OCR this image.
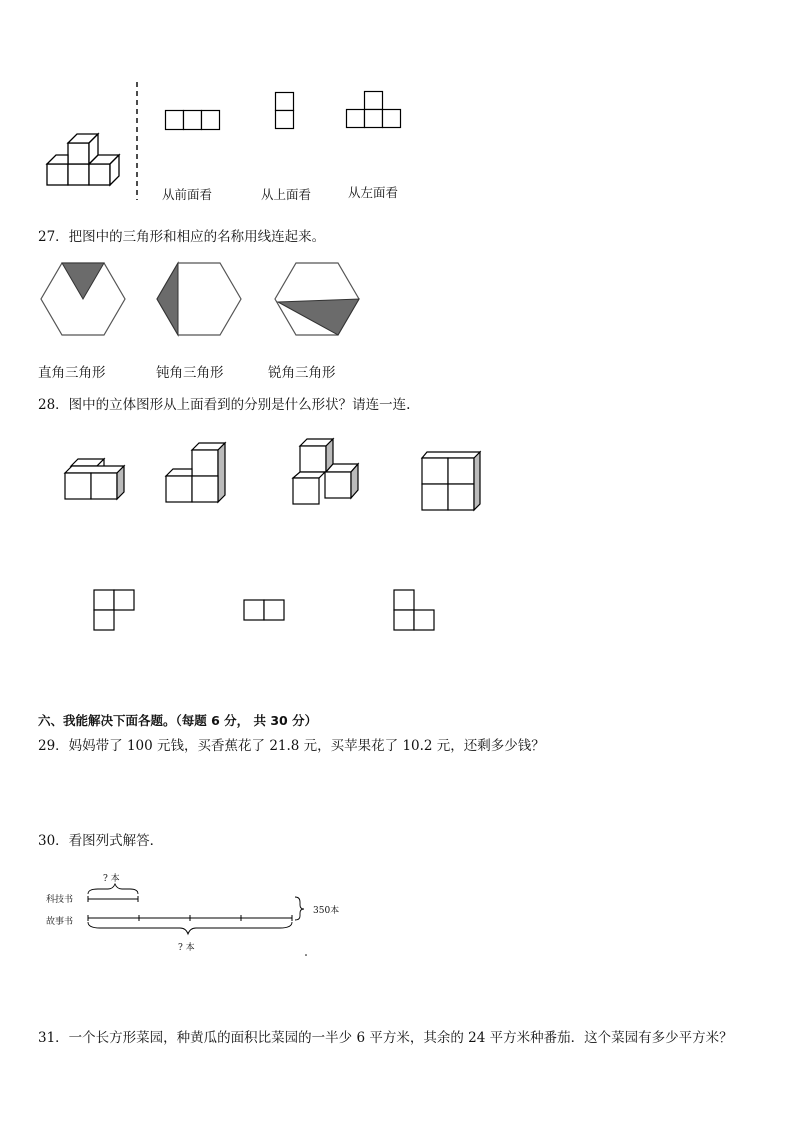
从前面看	从上面看	从左面看
27．把图中的三角形和相应的名称用线连起来。
直角三角形	钝角三角形	锐角三角形
28．图中的立体图形从上面看到的分别是什么形状？请连一连.
六、我能解决下面各题。（每题 6 分， 共 30 分）
29．妈妈带了 100 元钱，买香蕉花了 21.8 元，买苹果花了 10.2 元，还剩多少钱？
30．看图列式解答．
? 本
科技书
故事书
350本
? 本
31．一个长方形菜园，种黄瓜的面积比菜园的一半少 6 平方米，其余的 24 平方米种番茄．这个菜园有多少平方米？
